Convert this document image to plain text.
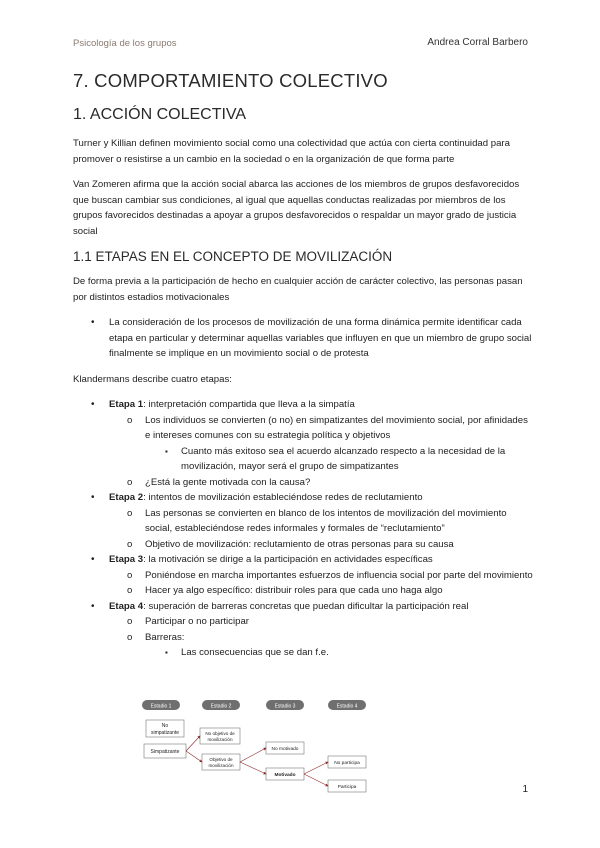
Psicología de los grupos	Andrea Corral Barbero
7. COMPORTAMIENTO COLECTIVO
1. ACCIÓN COLECTIVA

Turner y Killian definen movimiento social como una colectividad que actúa con cierta continuidad para promover o resistirse a un cambio en la sociedad o en la organización de que forma parte

Van Zomeren afirma que la acción social abarca las acciones de los miembros de grupos desfavorecidos que buscan cambiar sus condiciones, al igual que aquellas conductas realizadas por miembros de los grupos favorecidos destinadas a apoyar a grupos desfavorecidos o respaldar un mayor grado de justicia social

1.1 ETAPAS EN EL CONCEPTO DE MOVILIZACIÓN

De forma previa a la participación de hecho en cualquier acción de carácter colectivo, las personas pasan por distintos estadios motivacionales

• La consideración de los procesos de movilización de una forma dinámica permite identificar cada etapa en particular y determinar aquellas variables que influyen en que un miembro de grupo social finalmente se implique en un movimiento social o de protesta

Klandermans describe cuatro etapas:

• Etapa 1: interpretación compartida que lleva a la simpatía
o Los individuos se convierten (o no) en simpatizantes del movimiento social, por afinidades e intereses comunes con su estrategia política y objetivos
▪ Cuanto más exitoso sea el acuerdo alcanzado respecto a la necesidad de la movilización, mayor será el grupo de simpatizantes
o ¿Está la gente motivada con la causa?
• Etapa 2: intentos de movilización estableciéndose redes de reclutamiento
o Las personas se convierten en blanco de los intentos de movilización del movimiento social, estableciéndose redes informales y formales de “reclutamiento”
o Objetivo de movilización: reclutamiento de otras personas para su causa
• Etapa 3: la motivación se dirige a la participación en actividades específicas
o Poniéndose en marcha importantes esfuerzos de influencia social por parte del movimiento
o Hacer ya algo específico: distribuir roles para que cada uno haga algo
• Etapa 4: superación de barreras concretas que puedan dificultar la participación real
o Participar o no participar
o Barreras:
▪ Las consecuencias que se dan f.e.
Estadio 1	Estadio 2	Estadio 3	Estadio 4
No
simpatizante
Simpatizante
No objetivo de
movilización
Objetivo de
movilización
No motivado
Motivado
No participa
Participa	1
